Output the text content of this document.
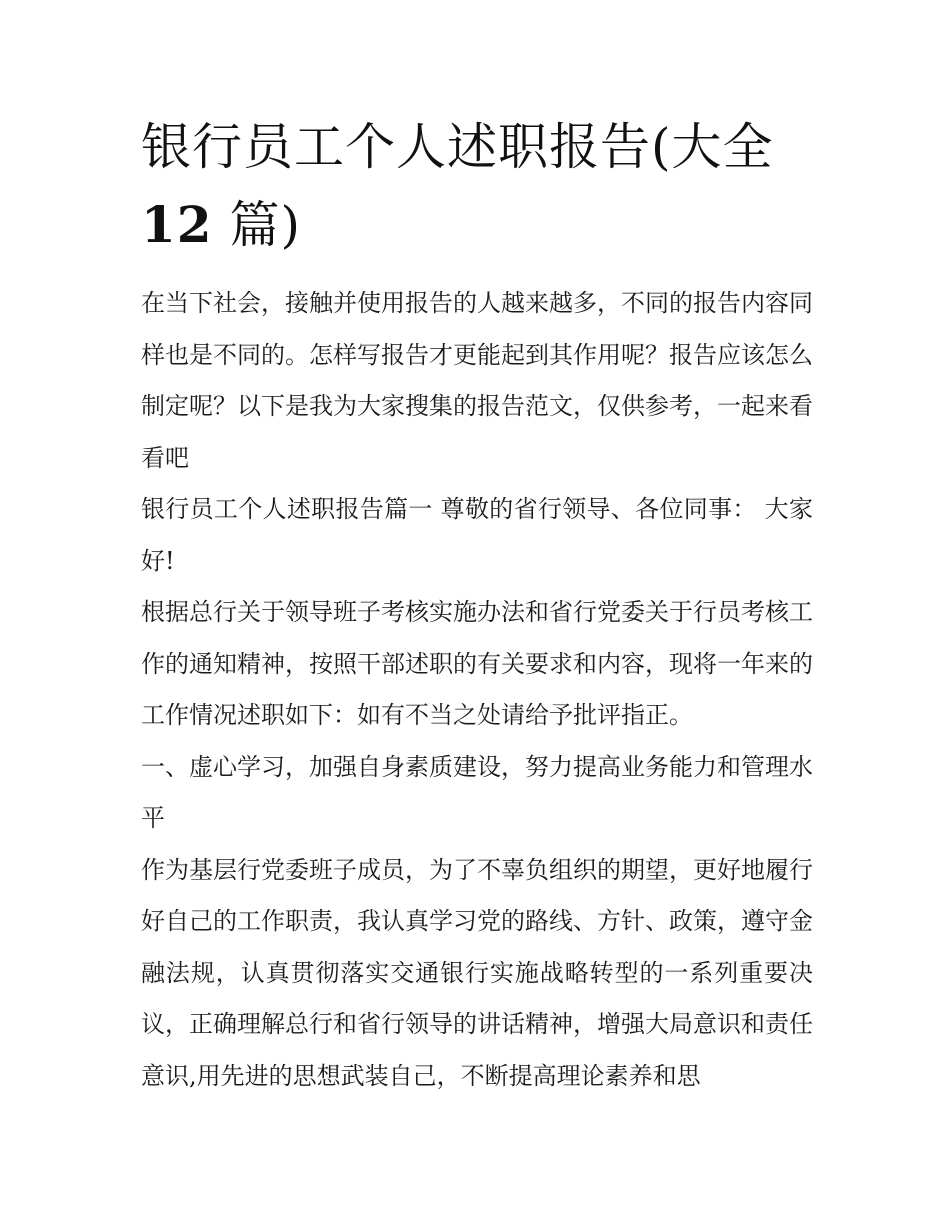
银行员工个人述职报告(大全
12 篇)

在当下社会，接触并使用报告的人越来越多，不同的报告内容同样也是不同的。怎样写报告才更能起到其作用呢？报告应该怎么制定呢？以下是我为大家搜集的报告范文，仅供参考，一起来看看吧

银行员工个人述职报告篇一 尊敬的省行领导、各位同事： 大家好!

根据总行关于领导班子考核实施办法和省行党委关于行员考核工作的通知精神，按照干部述职的有关要求和内容，现将一年来的工作情况述职如下：如有不当之处请给予批评指正。

一、虚心学习，加强自身素质建设，努力提高业务能力和管理水平

作为基层行党委班子成员，为了不辜负组织的期望，更好地履行好自己的工作职责，我认真学习党的路线、方针、政策，遵守金融法规，认真贯彻落实交通银行实施战略转型的一系列重要决议，正确理解总行和省行领导的讲话精神，增强大局意识和责任意识,用先进的思想武装自己，不断提高理论素养和思
